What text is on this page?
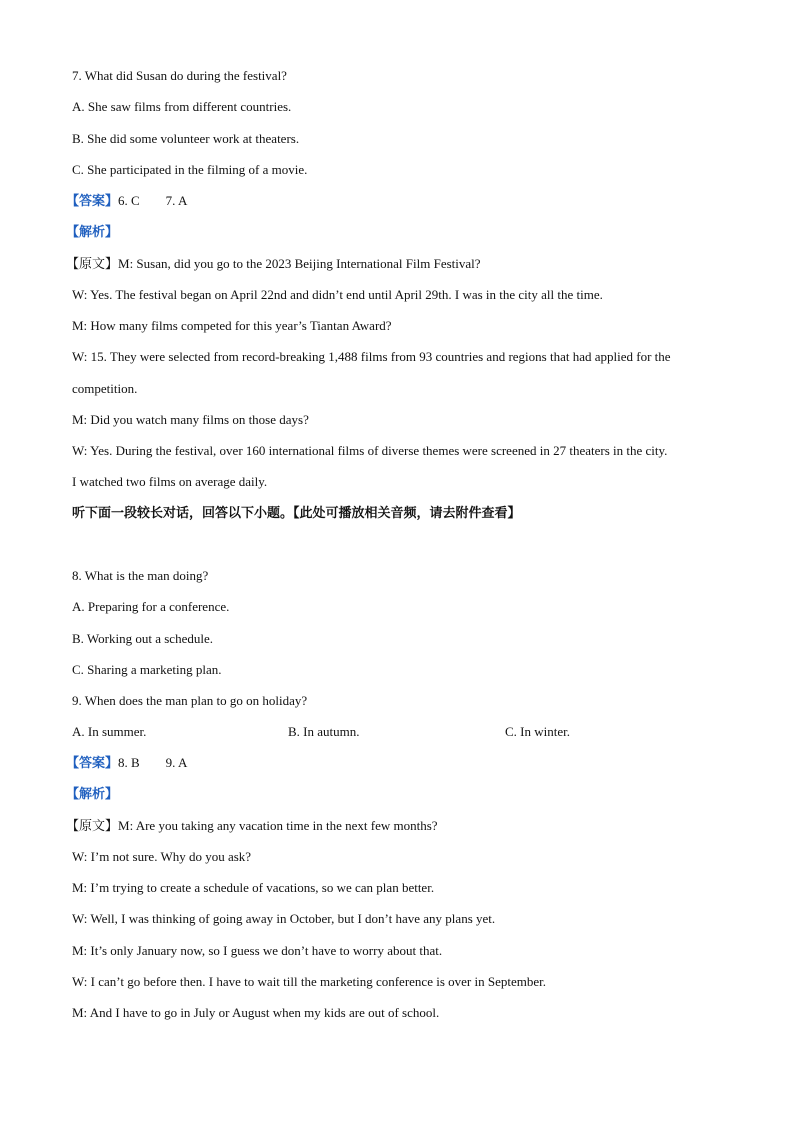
7. What did Susan do during the festival?
A. She saw films from different countries.
B. She did some volunteer work at theaters.
C. She participated in the filming of a movie.
【答案】6. C        7. A
【解析】
【原文】M: Susan, did you go to the 2023 Beijing International Film Festival?
W: Yes. The festival began on April 22nd and didn’t end until April 29th. I was in the city all the time.
M: How many films competed for this year’s Tiantan Award?
W: 15. They were selected from record-breaking 1,488 films from 93 countries and regions that had applied for the
competition.
M: Did you watch many films on those days?
W: Yes. During the festival, over 160 international films of diverse themes were screened in 27 theaters in the city.
I watched two films on average daily.
听下面一段较长对话，回答以下小题。【此处可播放相关音频，请去附件查看】
8. What is the man doing?
A. Preparing for a conference.
B. Working out a schedule.
C. Sharing a marketing plan.
9. When does the man plan to go on holiday?
A. In summer.	B. In autumn.	C. In winter.
【答案】8. B        9. A
【解析】
【原文】M: Are you taking any vacation time in the next few months?
W: I’m not sure. Why do you ask?
M: I’m trying to create a schedule of vacations, so we can plan better.
W: Well, I was thinking of going away in October, but I don’t have any plans yet.
M: It’s only January now, so I guess we don’t have to worry about that.
W: I can’t go before then. I have to wait till the marketing conference is over in September.
M: And I have to go in July or August when my kids are out of school.
